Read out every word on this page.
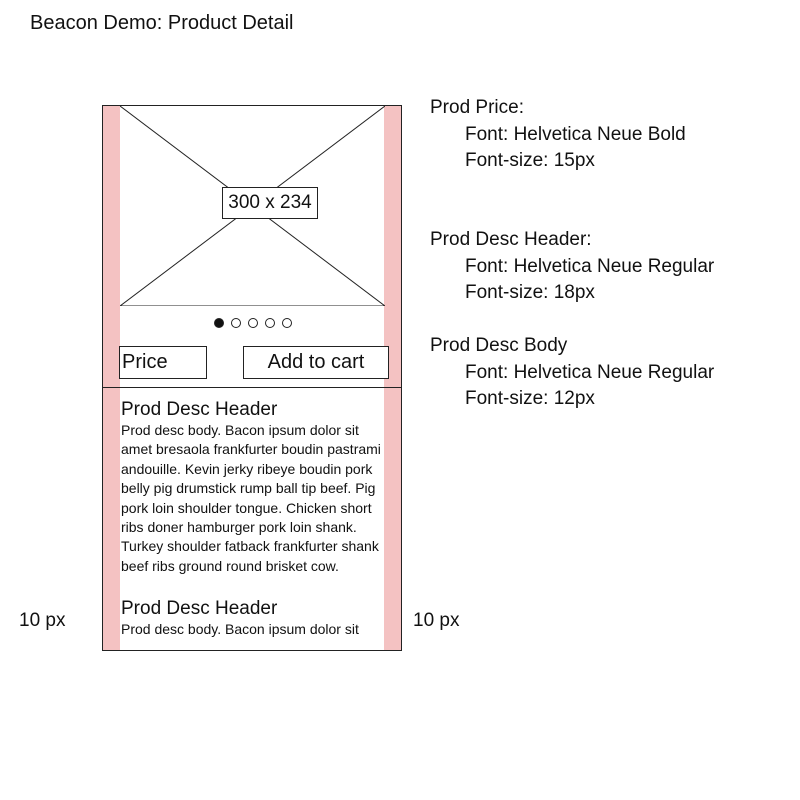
Beacon Demo: Product Detail
300 x 234
Price	Add to cart
Prod Desc Header
Prod desc body. Bacon ipsum dolor sit amet bresaola frankfurter boudin pastrami andouille. Kevin jerky ribeye boudin pork belly pig drumstick rump ball tip beef. Pig pork loin shoulder tongue. Chicken short ribs doner hamburger pork loin shank. Turkey shoulder fatback frankfurter shank beef ribs ground round brisket cow.
Prod Desc Header
Prod desc body. Bacon ipsum dolor sit
10 px	10 px
Prod Price:
Font: Helvetica Neue Bold
Font-size: 15px
Prod Desc Header:
Font: Helvetica Neue Regular
Font-size: 18px
Prod Desc Body
Font: Helvetica Neue Regular
Font-size: 12px
